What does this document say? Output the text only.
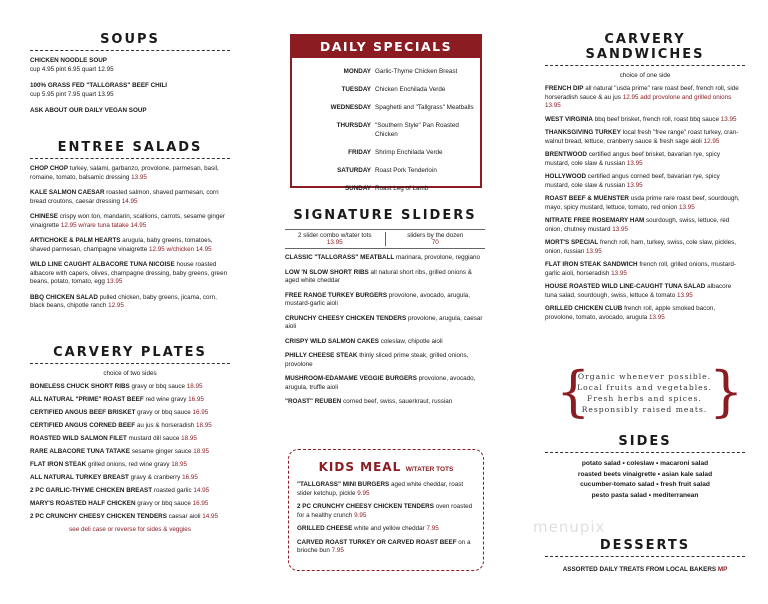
SOUPS
CHICKEN NOODLE SOUP
cup 4.95 pint 6.95 quart 12.95
100% GRASS FED "TALLGRASS" BEEF CHILI
cup 5.95 pint 7.95 quart 13.95
ASK ABOUT OUR DAILY VEGAN SOUP
ENTREE SALADS
CHOP CHOP turkey, salami, garbanzo, provolone, parmesan, basil, romaine, tomato, balsamic dressing 13.95
KALE SALMON CAESAR roasted salmon, shaved parmesan, corn bread croutons, caesar dressing 14.95
CHINESE crispy won ton, mandarin, scallions, carrots, sesame ginger vinaigrette 12.95 w/rare tuna tatake 14.95
ARTICHOKE & PALM HEARTS arugula, baby greens, tomatoes, shaved parmesan, champagne vinaigrette 12.95 w/chicken 14.95
WILD LINE CAUGHT ALBACORE TUNA NICOISE house roasted albacore with capers, olives, champagne dressing, baby greens, green beans, potato, tomato, egg 13.95
BBQ CHICKEN SALAD pulled chicken, baby greens, jicama, corn, black beans, chipotle ranch 12.95
CARVERY PLATES
choice of two sides
BONELESS CHUCK SHORT RIBS gravy or bbq sauce 18.95
ALL NATURAL "PRIME" ROAST BEEF red wine gravy 16.95
CERTIFIED ANGUS BEEF BRISKET gravy or bbq sauce 16.95
CERTIFIED ANGUS CORNED BEEF au jus & horseradish 18.95
ROASTED WILD SALMON FILET mustard dill sauce 18.95
RARE ALBACORE TUNA TATAKE sesame ginger sauce 18.95
FLAT IRON STEAK grilled onions, red wine gravy 18.95
ALL NATURAL TURKEY BREAST gravy & cranberry 16.95
2 PC GARLIC-THYME CHICKEN BREAST roasted garlic 14.95
MARY'S ROASTED HALF CHICKEN gravy or bbq sauce 16.95
2 PC CRUNCHY CHEESY CHICKEN TENDERS caesar aioli 14.95
see deli case or reverse for sides & veggies
DAILY SPECIALS
MONDAY Garlic-Thyme Chicken Breast
TUESDAY Chicken Enchilada Verde
WEDNESDAY Spaghetti and "Tallgrass" Meatballs
THURSDAY "Southern Style" Pan Roasted Chicken
FRIDAY Shrimp Enchilada Verde
SATURDAY Roast Pork Tenderloin
SUNDAY Roast Leg of Lamb
SIGNATURE SLIDERS
2 slider combo w/tater tots
13.95
sliders by the dozen
70
CLASSIC "TALLGRASS" MEATBALL marinara, provolone, reggiano
LOW 'N SLOW SHORT RIBS all natural short ribs, grilled onions & aged white cheddar
FREE RANGE TURKEY BURGERS provolone, avocado, arugula, mustard-garlic aioli
CRUNCHY CHEESY CHICKEN TENDERS provolone, arugula, caesar aioli
CRISPY WILD SALMON CAKES coleslaw, chipotle aioli
PHILLY CHEESE STEAK thinly sliced prime steak, grilled onions, provolone
MUSHROOM-EDAMAME VEGGIE BURGERS provolone, avocado, arugula, truffle aioli
"ROAST" REUBEN corned beef, swiss, sauerkraut, russian
KIDS MEAL W/TATER TOTS
"TALLGRASS" MINI BURGERS aged white cheddar, roast slider ketchup, pickle 9.95
2 PC CRUNCHY CHEESY CHICKEN TENDERS oven roasted for a healthy crunch 9.95
GRILLED CHEESE white and yellow cheddar 7.95
CARVED ROAST TURKEY OR CARVED ROAST BEEF on a brioche bun 7.95
CARVERY SANDWICHES
choice of one side
FRENCH DIP all natural "usda prime" rare roast beef, french roll, side horseradish sauce & au jus 12.95 add provolone and grilled onions 13.95
WEST VIRGINIA bbq beef brisket, french roll, roast bbq sauce 13.95
THANKSGIVING TURKEY local fresh "free range" roast turkey, cran-walnut bread, lettuce, cranberry sauce & fresh sage aioli 12.95
BRENTWOOD certified angus beef brisket, bavarian rye, spicy mustard, cole slaw & russian 13.95
HOLLYWOOD certified angus corned beef, bavarian rye, spicy mustard, cole slaw & russian 13.95
ROAST BEEF & MUENSTER usda prime rare roast beef, sourdough, mayo, spicy mustard, lettuce, tomato, red onion 13.95
NITRATE FREE ROSEMARY HAM sourdough, swiss, lettuce, red onion, chutney mustard 13.95
MORT'S SPECIAL french roll, ham, turkey, swiss, cole slaw, pickles, onion, russian 13.95
FLAT IRON STEAK SANDWICH french roll, grilled onions, mustard-garlic aioli, horseradish 13.95
HOUSE ROASTED WILD LINE-CAUGHT TUNA SALAD albacore tuna salad, sourdough, swiss, lettuce & tomato 13.95
GRILLED CHICKEN CLUB french roll, apple smoked bacon, provolone, tomato, avocado, arugula 13.95
{ }
Organic whenever possible.
Local fruits and vegetables.
Fresh herbs and spices.
Responsibly raised meats.
SIDES
potato salad • coleslaw • macaroni salad
roasted beets vinaigrette • asian kale salad
cucumber-tomato salad • fresh fruit salad
pesto pasta salad • mediterranean
menupix
DESSERTS
ASSORTED DAILY TREATS FROM LOCAL BAKERS MP
